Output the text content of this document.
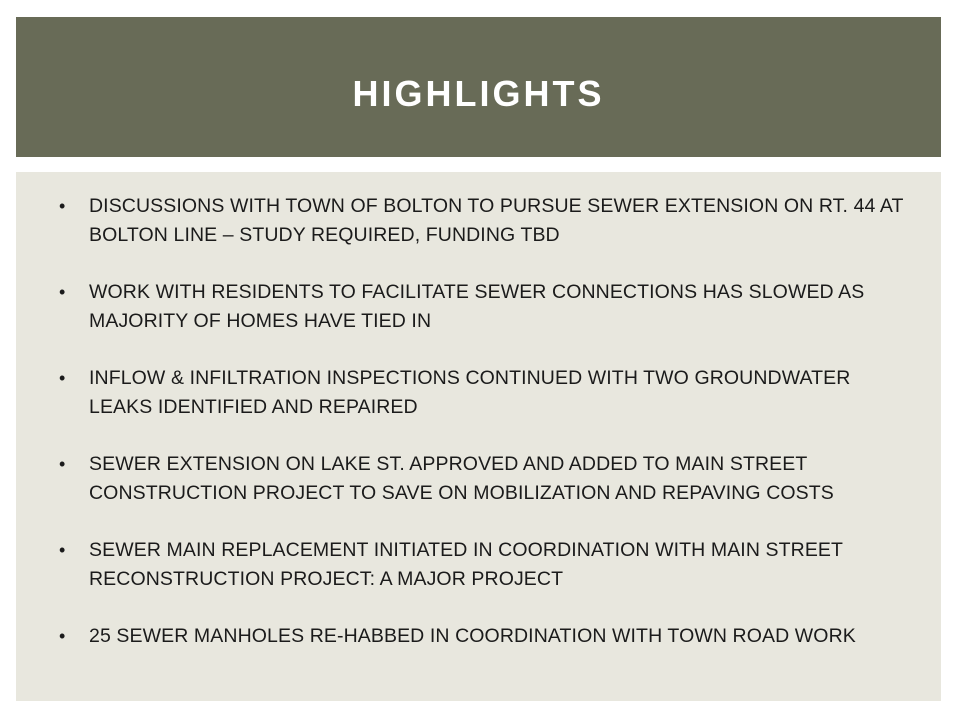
HIGHLIGHTS
• DISCUSSIONS WITH TOWN OF BOLTON TO PURSUE SEWER EXTENSION ON RT. 44 AT BOLTON LINE – STUDY REQUIRED, FUNDING TBD
• WORK WITH RESIDENTS TO FACILITATE SEWER CONNECTIONS HAS SLOWED AS MAJORITY OF HOMES HAVE TIED IN
• INFLOW & INFILTRATION INSPECTIONS CONTINUED WITH TWO GROUNDWATER LEAKS IDENTIFIED AND REPAIRED
• SEWER EXTENSION ON LAKE ST. APPROVED AND ADDED TO MAIN STREET CONSTRUCTION PROJECT TO SAVE ON MOBILIZATION AND REPAVING COSTS
• SEWER MAIN REPLACEMENT INITIATED IN COORDINATION WITH MAIN STREET RECONSTRUCTION PROJECT: A MAJOR PROJECT
• 25 SEWER MANHOLES RE-HABBED IN COORDINATION WITH TOWN ROAD WORK
